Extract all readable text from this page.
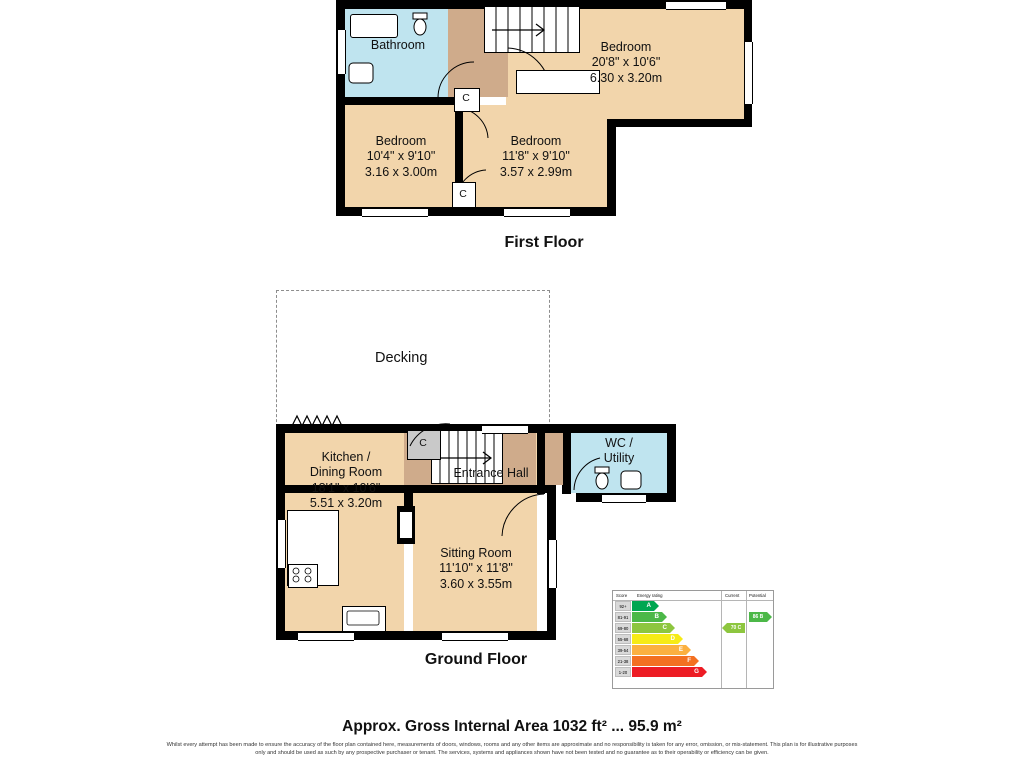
C
C
Bathroom	Bedroom
20'8" x 10'6"
6.30 x 3.20m
Bedroom
10'4" x 9'10"
3.16 x 3.00m
Bedroom
11'8" x 9'10"
3.57 x 2.99m
First Floor
Decking
C
Kitchen /
Dining Room
18'1" x 10'6"
5.51 x 3.20m
Entrance Hall
WC /
Utility
Sitting Room
11'10" x 11'8"
3.60 x 3.55m
Ground Floor
Score Energy rating	Current Potential
92+	A
81-91	B
69-80	C
55-68	D
39-54	E
21-38	F
1-20	G
70 C
86 B
Approx. Gross Internal Area 1032 ft² ... 95.9 m²
Whilst every attempt has been made to ensure the accuracy of the floor plan contained here, measurements of doors, windows, rooms and any other items are approximate and no responsibility is taken for any error, omission, or mis-statement. This plan is for illustrative purposes only and should be used as such by any prospective purchaser or tenant. The services, systems and appliances shown have not been tested and no guarantee as to their operability or efficiency can be given.
